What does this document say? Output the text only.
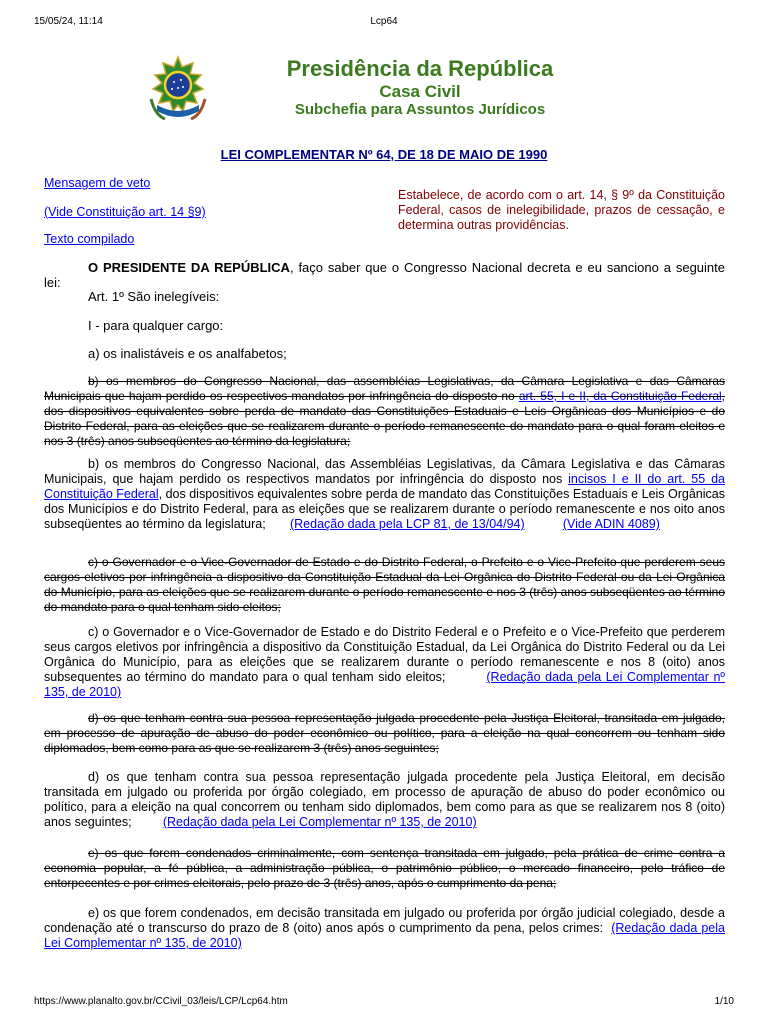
15/05/24, 11:14	Lcp64
Presidência da República
Casa Civil
Subchefia para Assuntos Jurídicos
LEI COMPLEMENTAR Nº 64, DE 18 DE MAIO DE 1990
Mensagem de veto
(Vide Constituição art. 14 §9)
Texto compilado
Estabelece, de acordo com o art. 14, § 9º da Constituição Federal, casos de inelegibilidade, prazos de cessação, e determina outras providências.
O PRESIDENTE DA REPÚBLICA, faço saber que o Congresso Nacional decreta e eu sanciono a seguinte lei:
Art. 1º São inelegíveis:
I - para qualquer cargo:
a) os inalistáveis e os analfabetos;
b) os membros do Congresso Nacional, das assembléias Legislativas, da Câmara Legislativa e das Câmaras Municipais que hajam perdido os respectivos mandatos por infringência do disposto no art. 55, I e II, da Constituição Federal, dos dispositivos equivalentes sobre perda de mandato das Constituições Estaduais e Leis Orgânicas dos Municípios e do Distrito Federal, para as eleições que se realizarem durante o período remanescente do mandato para o qual foram eleitos e nos 3 (três) anos subseqüentes ao término da legislatura;
b) os membros do Congresso Nacional, das Assembléias Legislativas, da Câmara Legislativa e das Câmaras Municipais, que hajam perdido os respectivos mandatos por infringência do disposto nos incisos I e II do art. 55 da Constituição Federal, dos dispositivos equivalentes sobre perda de mandato das Constituições Estaduais e Leis Orgânicas dos Municípios e do Distrito Federal, para as eleições que se realizarem durante o período remanescente e nos oito anos subseqüentes ao término da legislatura; (Redação dada pela LCP 81, de 13/04/94)	(Vide ADIN 4089)
c) o Governador e o Vice-Governador de Estado e do Distrito Federal, o Prefeito e o Vice-Prefeito que perderem seus cargos eletivos por infringência a dispositivo da Constituição Estadual da Lei Orgânica do Distrito Federal ou da Lei Orgânica do Município, para as eleições que se realizarem durante o período remanescente e nos 3 (três) anos subseqüentes ao término do mandato para o qual tenham sido eleitos;
c) o Governador e o Vice-Governador de Estado e do Distrito Federal e o Prefeito e o Vice-Prefeito que perderem seus cargos eletivos por infringência a dispositivo da Constituição Estadual, da Lei Orgânica do Distrito Federal ou da Lei Orgânica do Município, para as eleições que se realizarem durante o período remanescente e nos 8 (oito) anos subsequentes ao término do mandato para o qual tenham sido eleitos;	(Redação dada pela Lei Complementar nº 135, de 2010)
d) os que tenham contra sua pessoa representação julgada procedente pela Justiça Eleitoral, transitada em julgado, em processo de apuração de abuso do poder econômico ou político, para a eleição na qual concorrem ou tenham sido diplomados, bem como para as que se realizarem 3 (três) anos seguintes;
d) os que tenham contra sua pessoa representação julgada procedente pela Justiça Eleitoral, em decisão transitada em julgado ou proferida por órgão colegiado, em processo de apuração de abuso do poder econômico ou político, para a eleição na qual concorrem ou tenham sido diplomados, bem como para as que se realizarem nos 8 (oito) anos seguintes;	(Redação dada pela Lei Complementar nº 135, de 2010)
e) os que forem condenados criminalmente, com sentença transitada em julgado, pela prática de crime contra a economia popular, a fé pública, a administração pública, o patrimônio público, o mercado financeiro, pelo tráfico de entorpecentes e por crimes eleitorais, pelo prazo de 3 (três) anos, após o cumprimento da pena;
e) os que forem condenados, em decisão transitada em julgado ou proferida por órgão judicial colegiado, desde a condenação até o transcurso do prazo de 8 (oito) anos após o cumprimento da pena, pelos crimes: (Redação dada pela Lei Complementar nº 135, de 2010)
https://www.planalto.gov.br/CCivil_03/leis/LCP/Lcp64.htm	1/10
